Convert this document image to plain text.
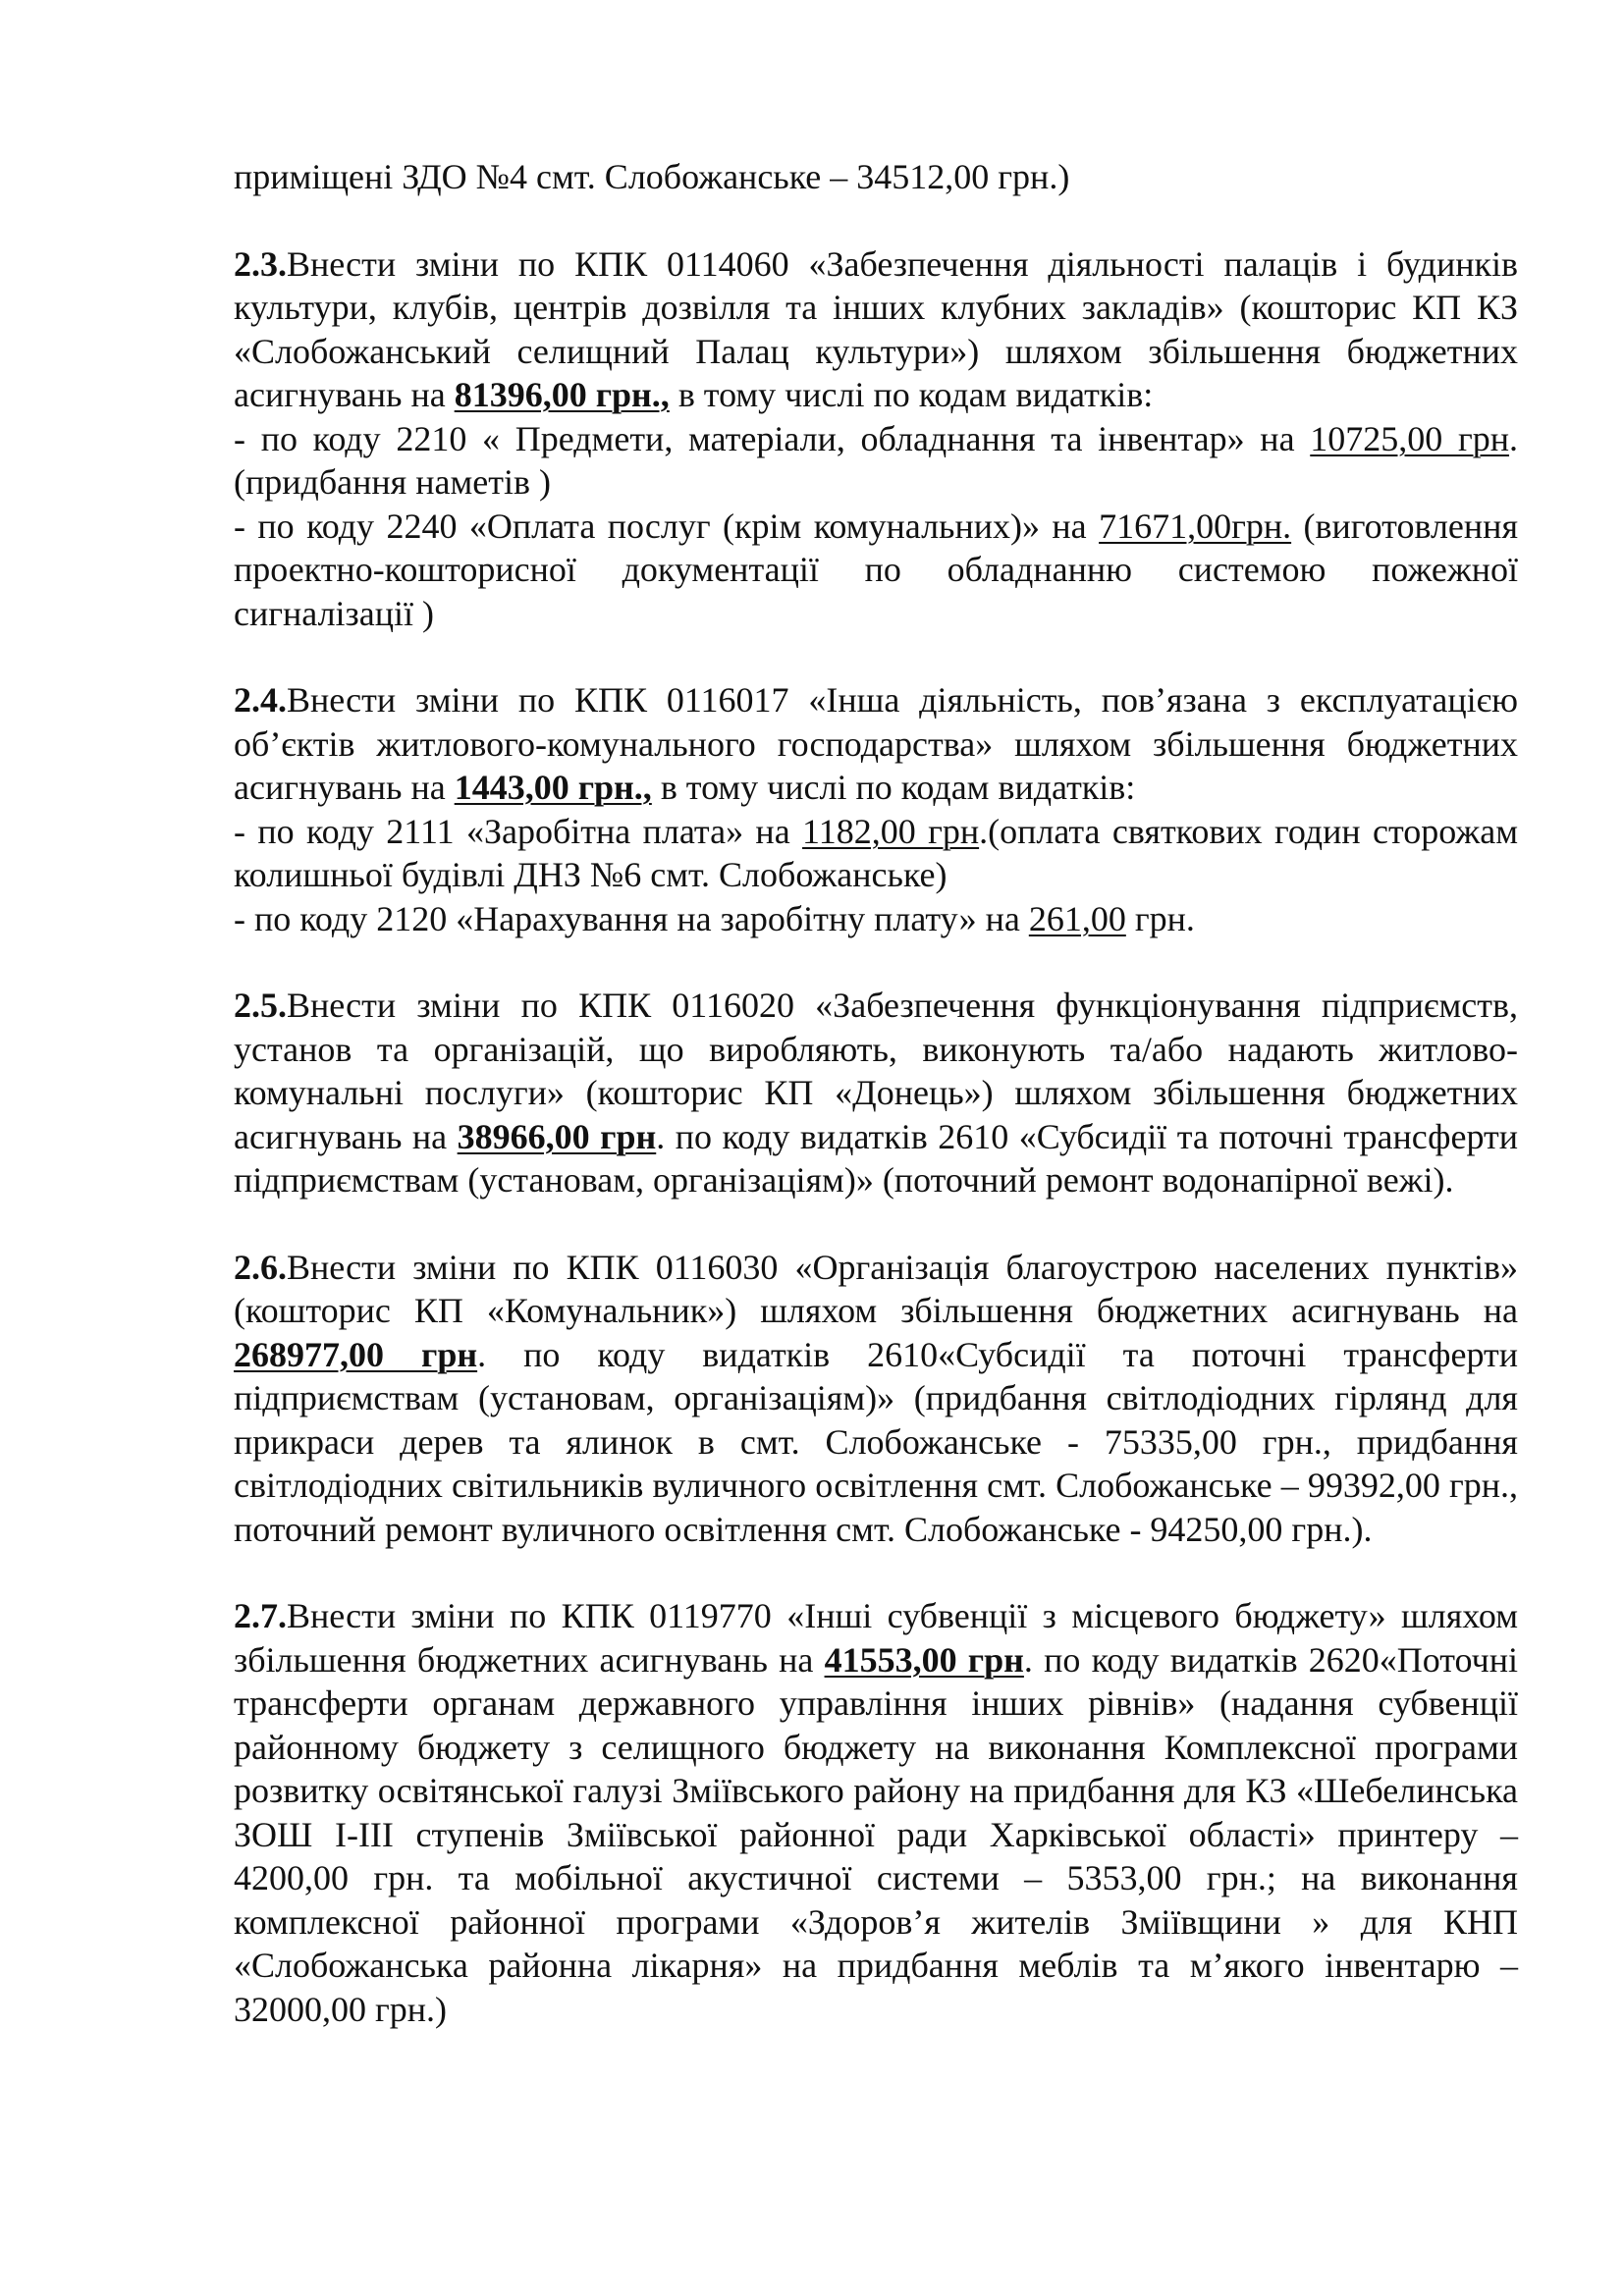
приміщені ЗДО №4 смт. Слобожанське – 34512,00 грн.)

2.3.Внести зміни по КПК 0114060 «Забезпечення діяльності палаців і будинків культури, клубів, центрів дозвілля та інших клубних закладів» (кошторис КП КЗ «Слобожанський селищний Палац культури») шляхом збільшення бюджетних асигнувань на 81396,00 грн., в тому числі по кодам видатків:

- по коду 2210 « Предмети, матеріали, обладнання та інвентар» на 10725,00 грн. (придбання наметів )

- по коду 2240 «Оплата послуг (крім комунальних)» на 71671,00грн. (виготовлення проектно-кошторисної документації по обладнанню системою пожежної сигналізації )

2.4.Внести зміни по КПК 0116017 «Інша діяльність, пов’язана з експлуатацією об’єктів житлового-комунального господарства» шляхом збільшення бюджетних асигнувань на 1443,00 грн., в тому числі по кодам видатків:

- по коду 2111 «Заробітна плата» на 1182,00 грн.(оплата святкових годин сторожам колишньої будівлі ДНЗ №6 смт. Слобожанське)

- по коду 2120 «Нарахування на заробітну плату» на 261,00 грн.

2.5.Внести зміни по КПК 0116020 «Забезпечення функціонування підприємств, установ та організацій, що виробляють, виконують та/або надають житлово-комунальні послуги» (кошторис КП «Донець») шляхом збільшення бюджетних асигнувань на 38966,00 грн. по коду видатків 2610 «Субсидії та поточні трансферти підприємствам (установам, організаціям)» (поточний ремонт водонапірної вежі).

2.6.Внести зміни по КПК 0116030 «Організація благоустрою населених пунктів» (кошторис КП «Комунальник») шляхом збільшення бюджетних асигнувань на 268977,00 грн. по коду видатків 2610«Субсидії та поточні трансферти підприємствам (установам, організаціям)» (придбання світлодіодних гірлянд для прикраси дерев та ялинок в смт. Слобожанське - 75335,00 грн., придбання світлодіодних світильників вуличного освітлення смт. Слобожанське – 99392,00 грн., поточний ремонт вуличного освітлення смт. Слобожанське - 94250,00 грн.).

2.7.Внести зміни по КПК 0119770 «Інші субвенції з місцевого бюджету» шляхом збільшення бюджетних асигнувань на 41553,00 грн. по коду видатків 2620«Поточні трансферти органам державного управління інших рівнів» (надання субвенції районному бюджету з селищного бюджету на виконання Комплексної програми розвитку освітянської галузі Зміївського району на придбання для КЗ «Шебелинська ЗОШ І-ІІІ ступенів Зміївської районної ради Харківської області» принтеру – 4200,00 грн. та мобільної акустичної системи – 5353,00 грн.; на виконання комплексної районної програми «Здоров’я жителів Зміївщини » для КНП «Слобожанська районна лікарня» на придбання меблів та м’якого інвентарю – 32000,00 грн.)
